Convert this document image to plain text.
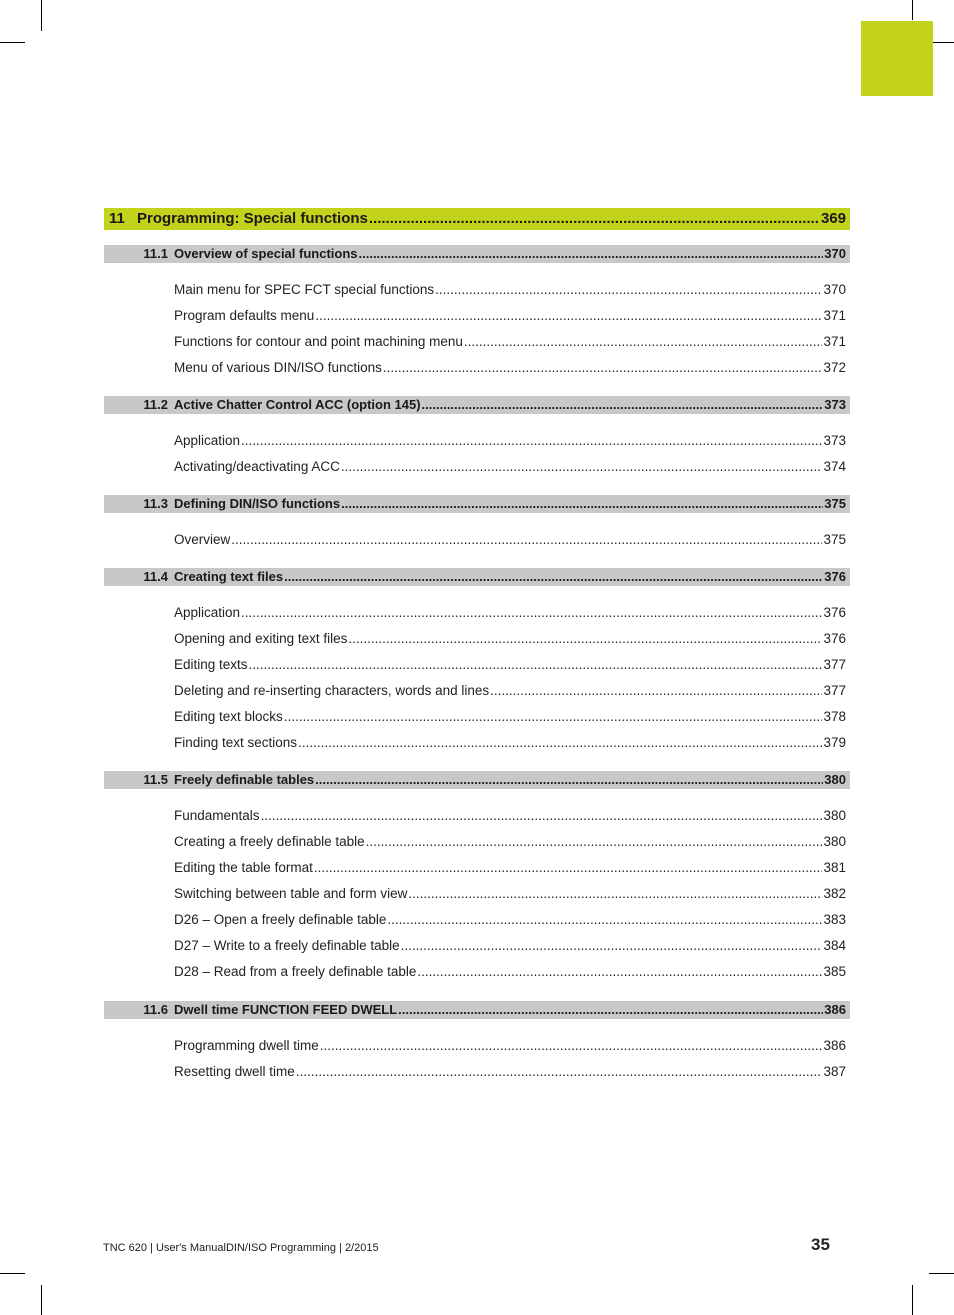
11 Programming: Special functions .....	369
11.1 Overview of special functions .....	370
Main menu for SPEC FCT special functions .....	370
Program defaults menu .....	371
Functions for contour and point machining menu .....	371
Menu of various DIN/ISO functions .....	372
11.2 Active Chatter Control ACC (option 145) .....	373
Application .....	373
Activating/deactivating ACC .....	374
11.3 Defining DIN/ISO functions .....	375
Overview .....	375
11.4 Creating text files .....	376
Application .....	376
Opening and exiting text files .....	376
Editing texts .....	377
Deleting and re-inserting characters, words and lines .....	377
Editing text blocks .....	378
Finding text sections .....	379
11.5 Freely definable tables .....	380
Fundamentals .....	380
Creating a freely definable table .....	380
Editing the table format .....	381
Switching between table and form view .....	382
D26 – Open a freely definable table .....	383
D27 – Write to a freely definable table .....	384
D28 – Read from a freely definable table .....	385
11.6 Dwell time FUNCTION FEED DWELL .....	386
Programming dwell time .....	386
Resetting dwell time .....	387
TNC 620 | User's ManualDIN/ISO Programming | 2/2015	35
